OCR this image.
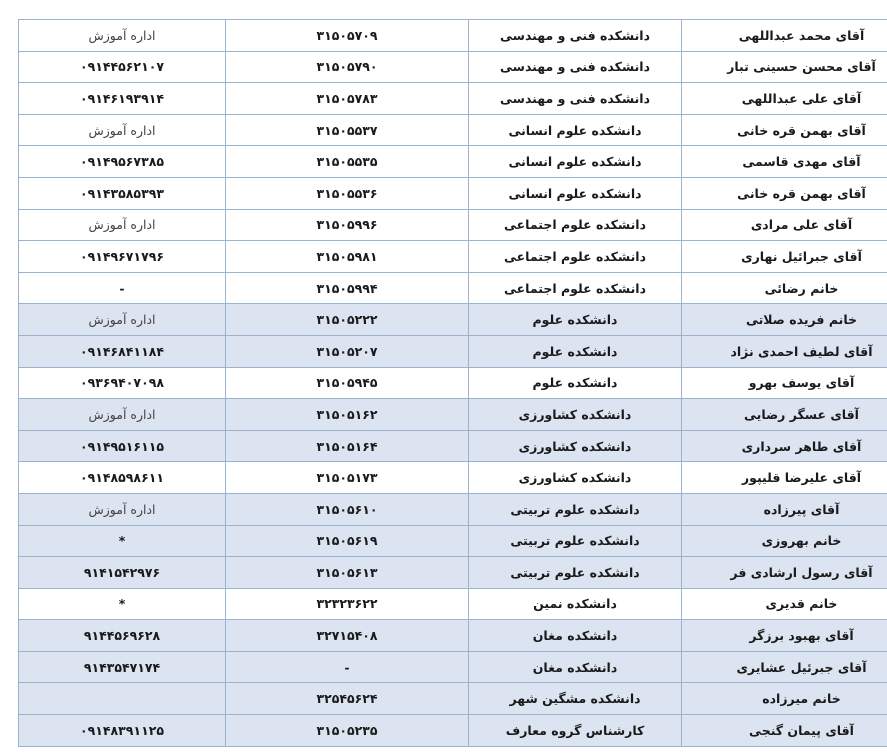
آقای محمد عبداللهی	دانشکده فنی و مهندسی	۳۱۵۰۵۷۰۹	اداره آموزش
آقای محسن حسینی تبار	دانشکده فنی و مهندسی	۳۱۵۰۵۷۹۰	۰۹۱۴۴۵۶۲۱۰۷
آقای علی عبداللهی	دانشکده فنی و مهندسی	۳۱۵۰۵۷۸۳	۰۹۱۴۶۱۹۳۹۱۴
آقای بهمن قره خانی	دانشکده علوم انسانی	۳۱۵۰۵۵۳۷	اداره آموزش
آقای مهدی قاسمی	دانشکده علوم انسانی	۳۱۵۰۵۵۳۵	۰۹۱۴۹۵۶۷۳۸۵
آقای بهمن قره خانی	دانشکده علوم انسانی	۳۱۵۰۵۵۳۶	۰۹۱۴۳۵۸۵۳۹۳
آقای علی مرادی	دانشکده علوم اجتماعی	۳۱۵۰۵۹۹۶	اداره آموزش
آقای جبرائیل نهاری	دانشکده علوم اجتماعی	۳۱۵۰۵۹۸۱	۰۹۱۴۹۶۷۱۷۹۶
خانم رضائی	دانشکده علوم اجتماعی	۳۱۵۰۵۹۹۴	-
خانم فریده صلاتی	دانشکده علوم	۳۱۵۰۵۲۲۲	اداره آموزش
آقای لطیف احمدی نژاد	دانشکده علوم	۳۱۵۰۵۲۰۷	۰۹۱۴۶۸۴۱۱۸۴
آقای یوسف بهرو	دانشکده علوم	۳۱۵۰۵۹۴۵	۰۹۳۶۹۴۰۷۰۹۸
آقای عسگر رضایی	دانشکده کشاورزی	۳۱۵۰۵۱۶۲	اداره آموزش
آقای طاهر سرداری	دانشکده کشاورزی	۳۱۵۰۵۱۶۴	۰۹۱۴۹۵۱۶۱۱۵
آقای علیرضا قلیپور	دانشکده کشاورزی	۳۱۵۰۵۱۷۳	۰۹۱۴۸۵۹۸۶۱۱
آقای پیرزاده	دانشکده علوم تربیتی	۳۱۵۰۵۶۱۰	اداره آموزش
خانم بهروزی	دانشکده علوم تربیتی	۳۱۵۰۵۶۱۹	*
آقای رسول ارشادی فر	دانشکده علوم تربیتی	۳۱۵۰۵۶۱۳	۹۱۴۱۵۴۲۹۷۶
خانم قدیری	دانشکده نمین	۳۲۳۲۳۶۲۲	*
آقای بهبود برزگر	دانشکده مغان	۳۲۷۱۵۴۰۸	۹۱۴۴۵۶۹۶۲۸
آقای جبرئیل عشایری	دانشکده مغان	-	۹۱۴۳۵۴۷۱۷۴
خانم میرزاده	دانشکده مشگین شهر	۳۲۵۴۵۶۲۴	
آقای پیمان گنجی	کارشناس گروه معارف	۳۱۵۰۵۲۳۵	۰۹۱۴۸۳۹۱۱۲۵
